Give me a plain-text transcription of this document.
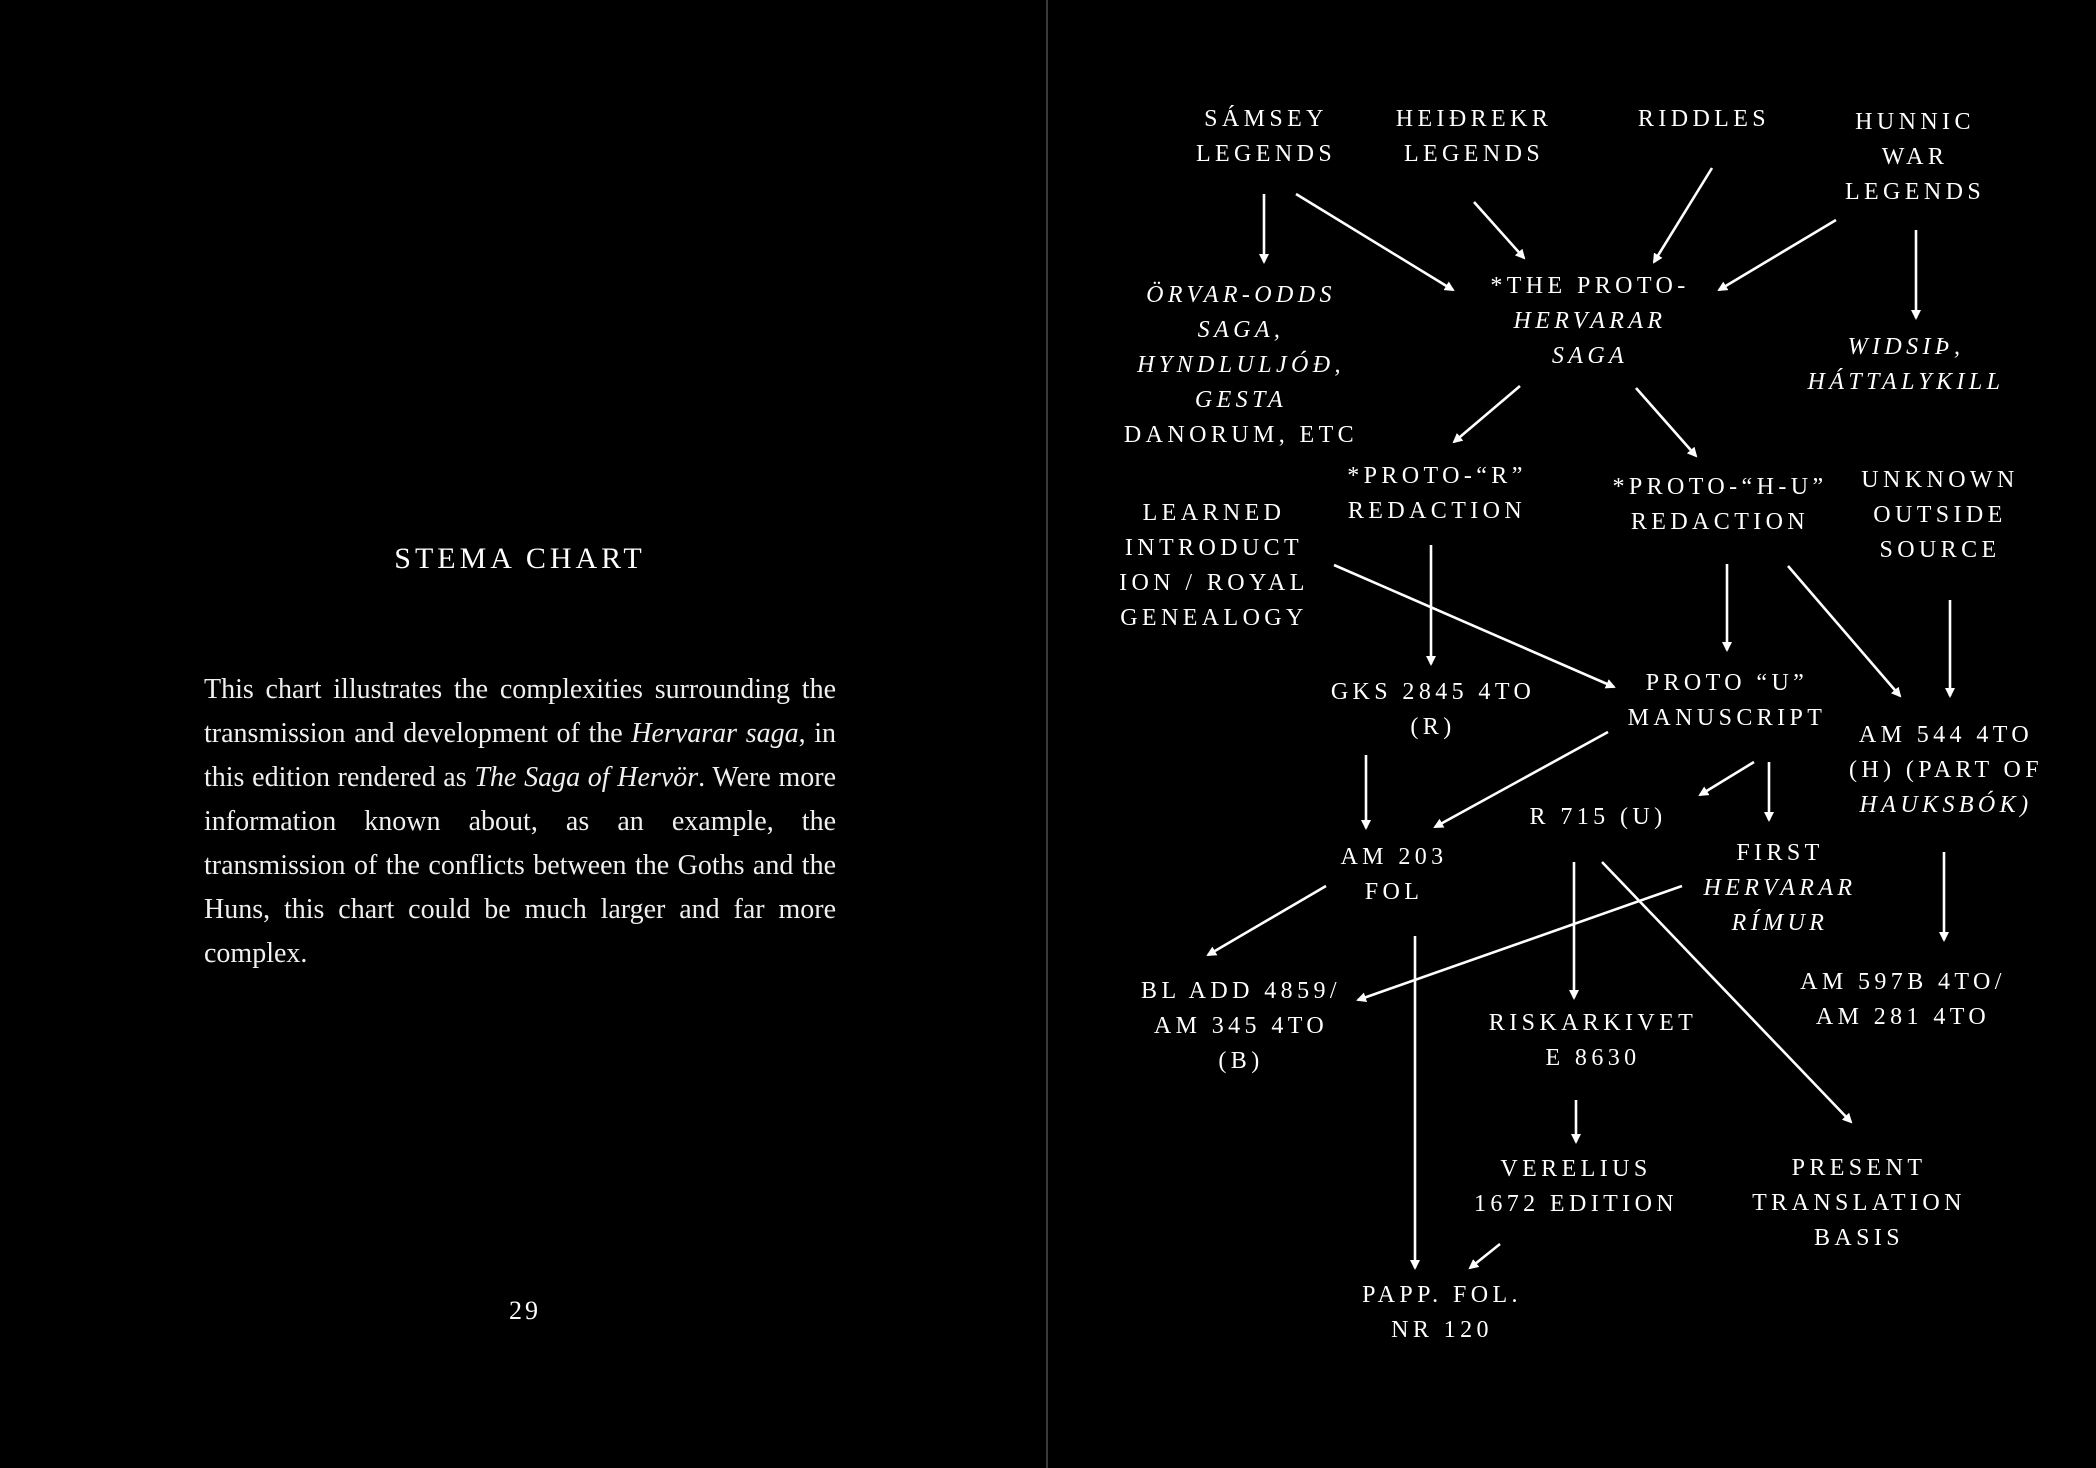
STEMA CHART
This chart illustrates the complexities surrounding the transmission and development of the Hervarar saga, in this edition rendered as The Saga of Hervör. Were more information known about, as an example, the transmission of the conflicts between the Goths and the Huns, this chart could be much larger and far more complex.
29
SÁMSEY
LEGENDS
HEIÐREKR
LEGENDS
RIDDLES	HUNNIC
WAR
LEGENDS
ÖRVAR-ODDS
SAGA,
HYNDLULJÓÐ,
GESTA
DANORUM, ETC
*THE PROTO-
HERVARAR
SAGA	WIDSIÞ,
HÁTTALYKILL
*PROTO-“R”
REDACTION
*PROTO-“H-U”
REDACTION
UNKNOWN
OUTSIDE
SOURCE
LEARNED
INTRODUCT
ION / ROYAL
GENEALOGY
GKS 2845 4TO
(R)
PROTO “U”
MANUSCRIPT
AM 544 4TO
(H) (PART OF
HAUKSBÓK)
R 715 (U)
AM 203
FOL
FIRST
HERVARAR
RÍMUR
BL ADD 4859/
AM 345 4TO
(B)
RISKARKIVET
E 8630
AM 597B 4TO/
AM 281 4TO
VERELIUS
1672 EDITION
PRESENT
TRANSLATION
BASIS
PAPP. FOL.
NR 120
